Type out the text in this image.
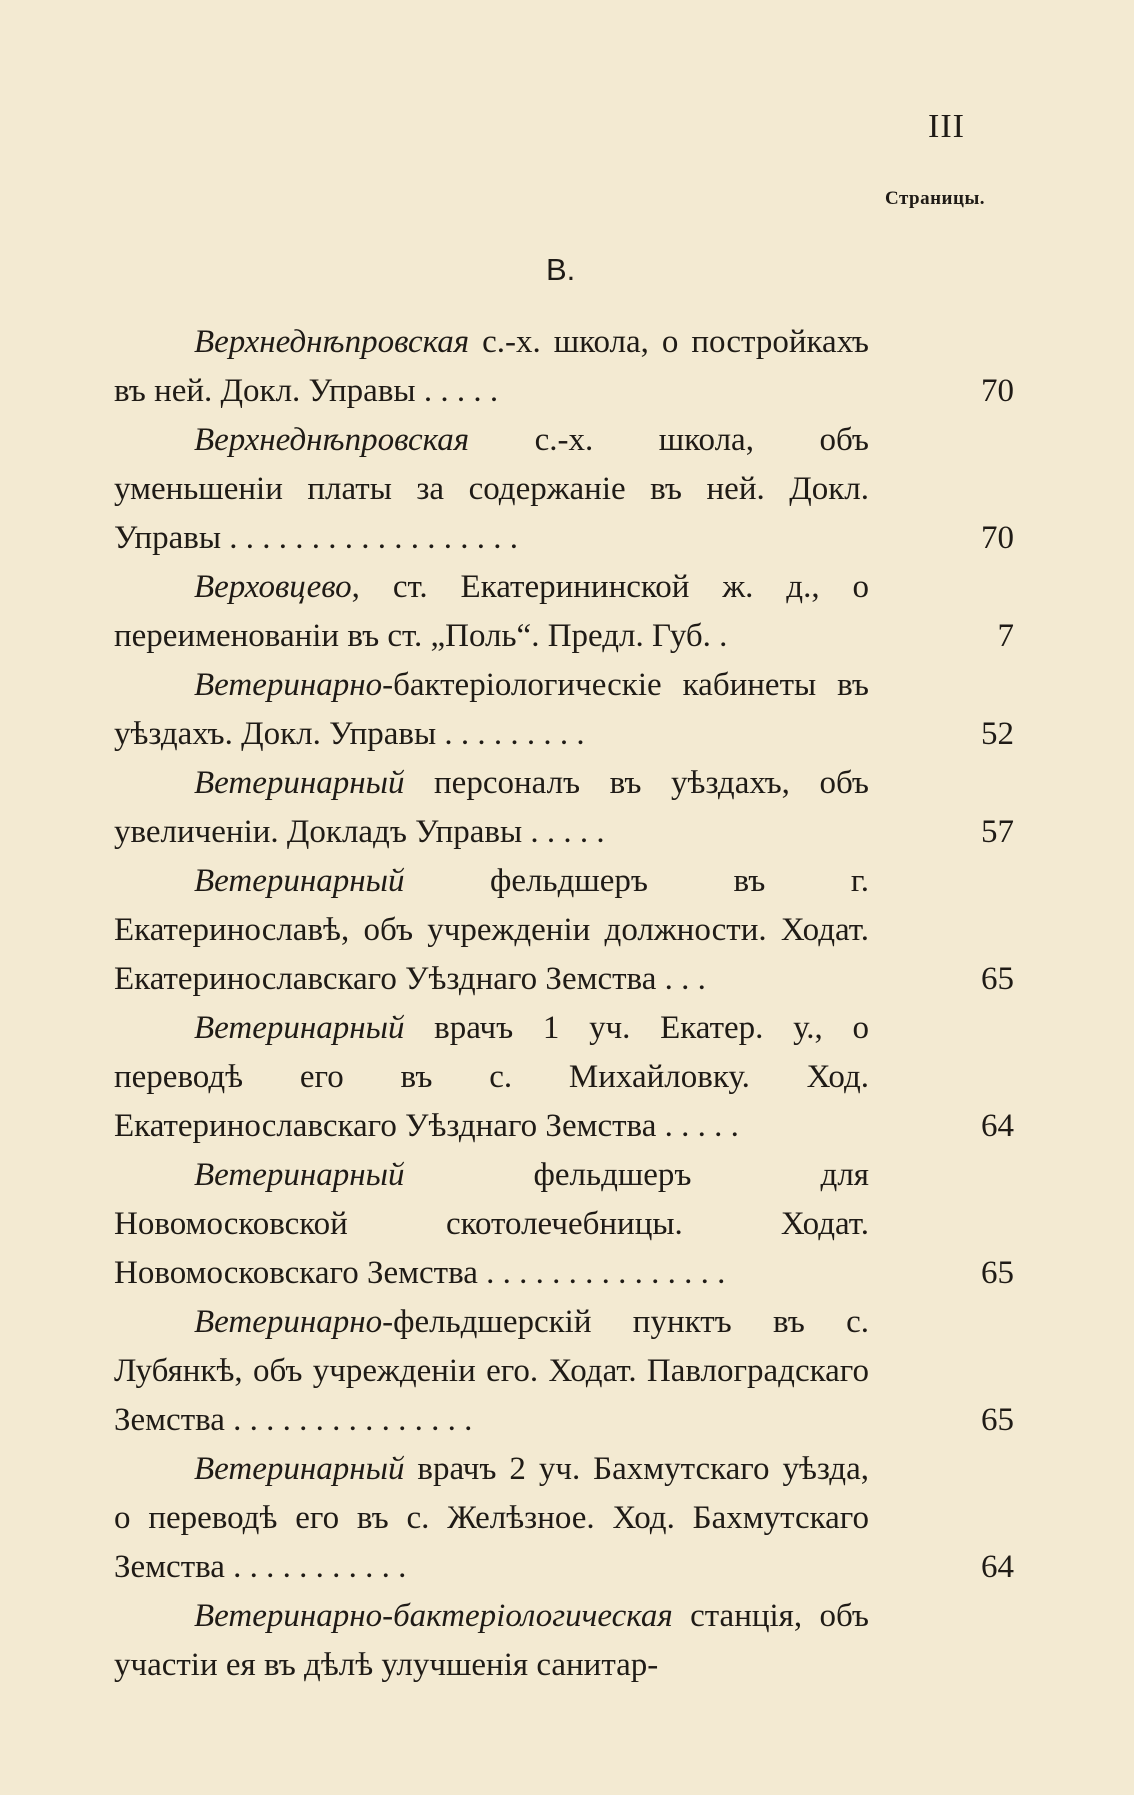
III
Страницы.
В.
Верхнеднѣпровская с.-х. школа, о постройкахъ въ ней. Докл. Управы . . . . .	70
Верхнеднѣпровская с.-х. школа, объ уменьшеніи платы за содержаніе въ ней. Докл. Управы . . . . . . . . . . . . . . . . . .	70
Верховцево, ст. Екатерининской ж. д., о переименованіи въ ст. „Поль“. Предл. Губ. .	7
Ветеринарно-бактеріологическіе кабинеты въ уѣздахъ. Докл. Управы . . . . . . . . .	52
Ветеринарный персоналъ въ уѣздахъ, объ увеличеніи. Докладъ Управы . . . . .	57
Ветеринарный фельдшеръ въ г. Екатеринославѣ, объ учрежденіи должности. Ходат. Екатеринославскаго Уѣзднаго Земства . . .	65
Ветеринарный врачъ 1 уч. Екатер. у., о переводѣ его въ с. Михайловку. Ход. Екатеринославскаго Уѣзднаго Земства . . . . .	64
Ветеринарный фельдшеръ для Новомосковской скотолечебницы. Ходат. Новомосковскаго Земства . . . . . . . . . . . . . . .	65
Ветеринарно-фельдшерскій пунктъ въ с. Лубянкѣ, объ учрежденіи его. Ходат. Павлоградскаго Земства . . . . . . . . . . . . . . .	65
Ветеринарный врачъ 2 уч. Бахмутскаго уѣзда, о переводѣ его въ с. Желѣзное. Ход. Бахмутскаго Земства . . . . . . . . . . .	64
Ветеринарно-бактеріологическая станція, объ участіи ея въ дѣлѣ улучшенія санитар-
